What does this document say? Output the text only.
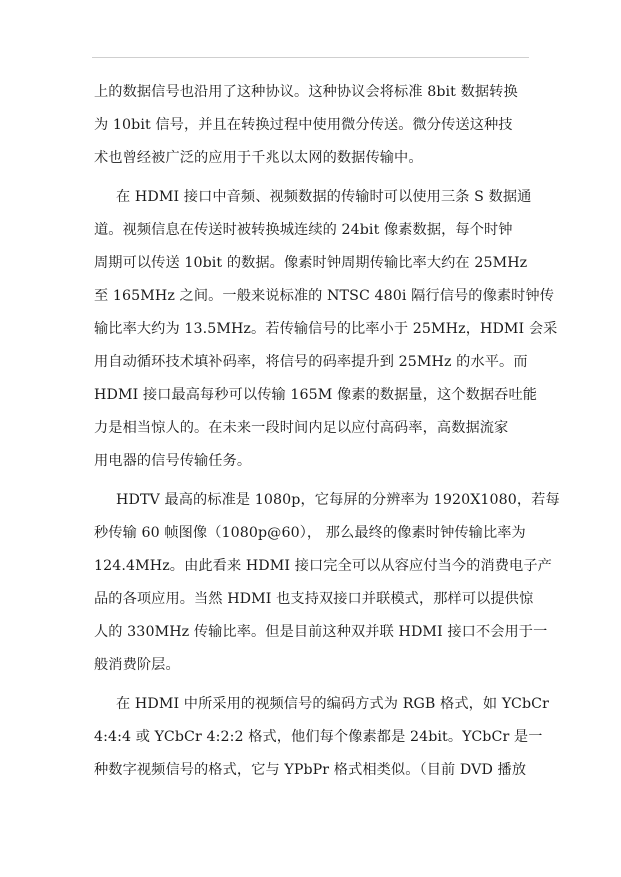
上的数据信号也沿用了这种协议。这种协议会将标准 8bit 数据转换

为 10bit 信号，并且在转换过程中使用微分传送。微分传送这种技

术也曾经被广泛的应用于千兆以太网的数据传输中。

在 HDMI 接口中音频、视频数据的传输时可以使用三条 S 数据通

道。视频信息在传送时被转换城连续的 24bit 像素数据，每个时钟

周期可以传送 10bit 的数据。像素时钟周期传输比率大约在 25MHz

至 165MHz 之间。一般来说标准的 NTSC 480i 隔行信号的像素时钟传

输比率大约为 13.5MHz。若传输信号的比率小于 25MHz，HDMI 会采

用自动循环技术填补码率，将信号的码率提升到 25MHz 的水平。而

HDMI 接口最高每秒可以传输 165M 像素的数据量，这个数据吞吐能

力是相当惊人的。在未来一段时间内足以应付高码率，高数据流家

用电器的信号传输任务。

HDTV 最高的标准是 1080p，它每屏的分辨率为 1920X1080，若每

秒传输 60 帧图像（1080p@60）， 那么最终的像素时钟传输比率为

124.4MHz。由此看来 HDMI 接口完全可以从容应付当今的消费电子产

品的各项应用。当然 HDMI 也支持双接口并联模式，那样可以提供惊

人的 330MHz 传输比率。但是目前这种双并联 HDMI 接口不会用于一

般消费阶层。

在 HDMI 中所采用的视频信号的编码方式为 RGB 格式，如 YCbCr

4:4:4 或 YCbCr 4:2:2 格式，他们每个像素都是 24bit。YCbCr 是一

种数字视频信号的格式，它与 YPbPr 格式相类似。（目前 DVD 播放
